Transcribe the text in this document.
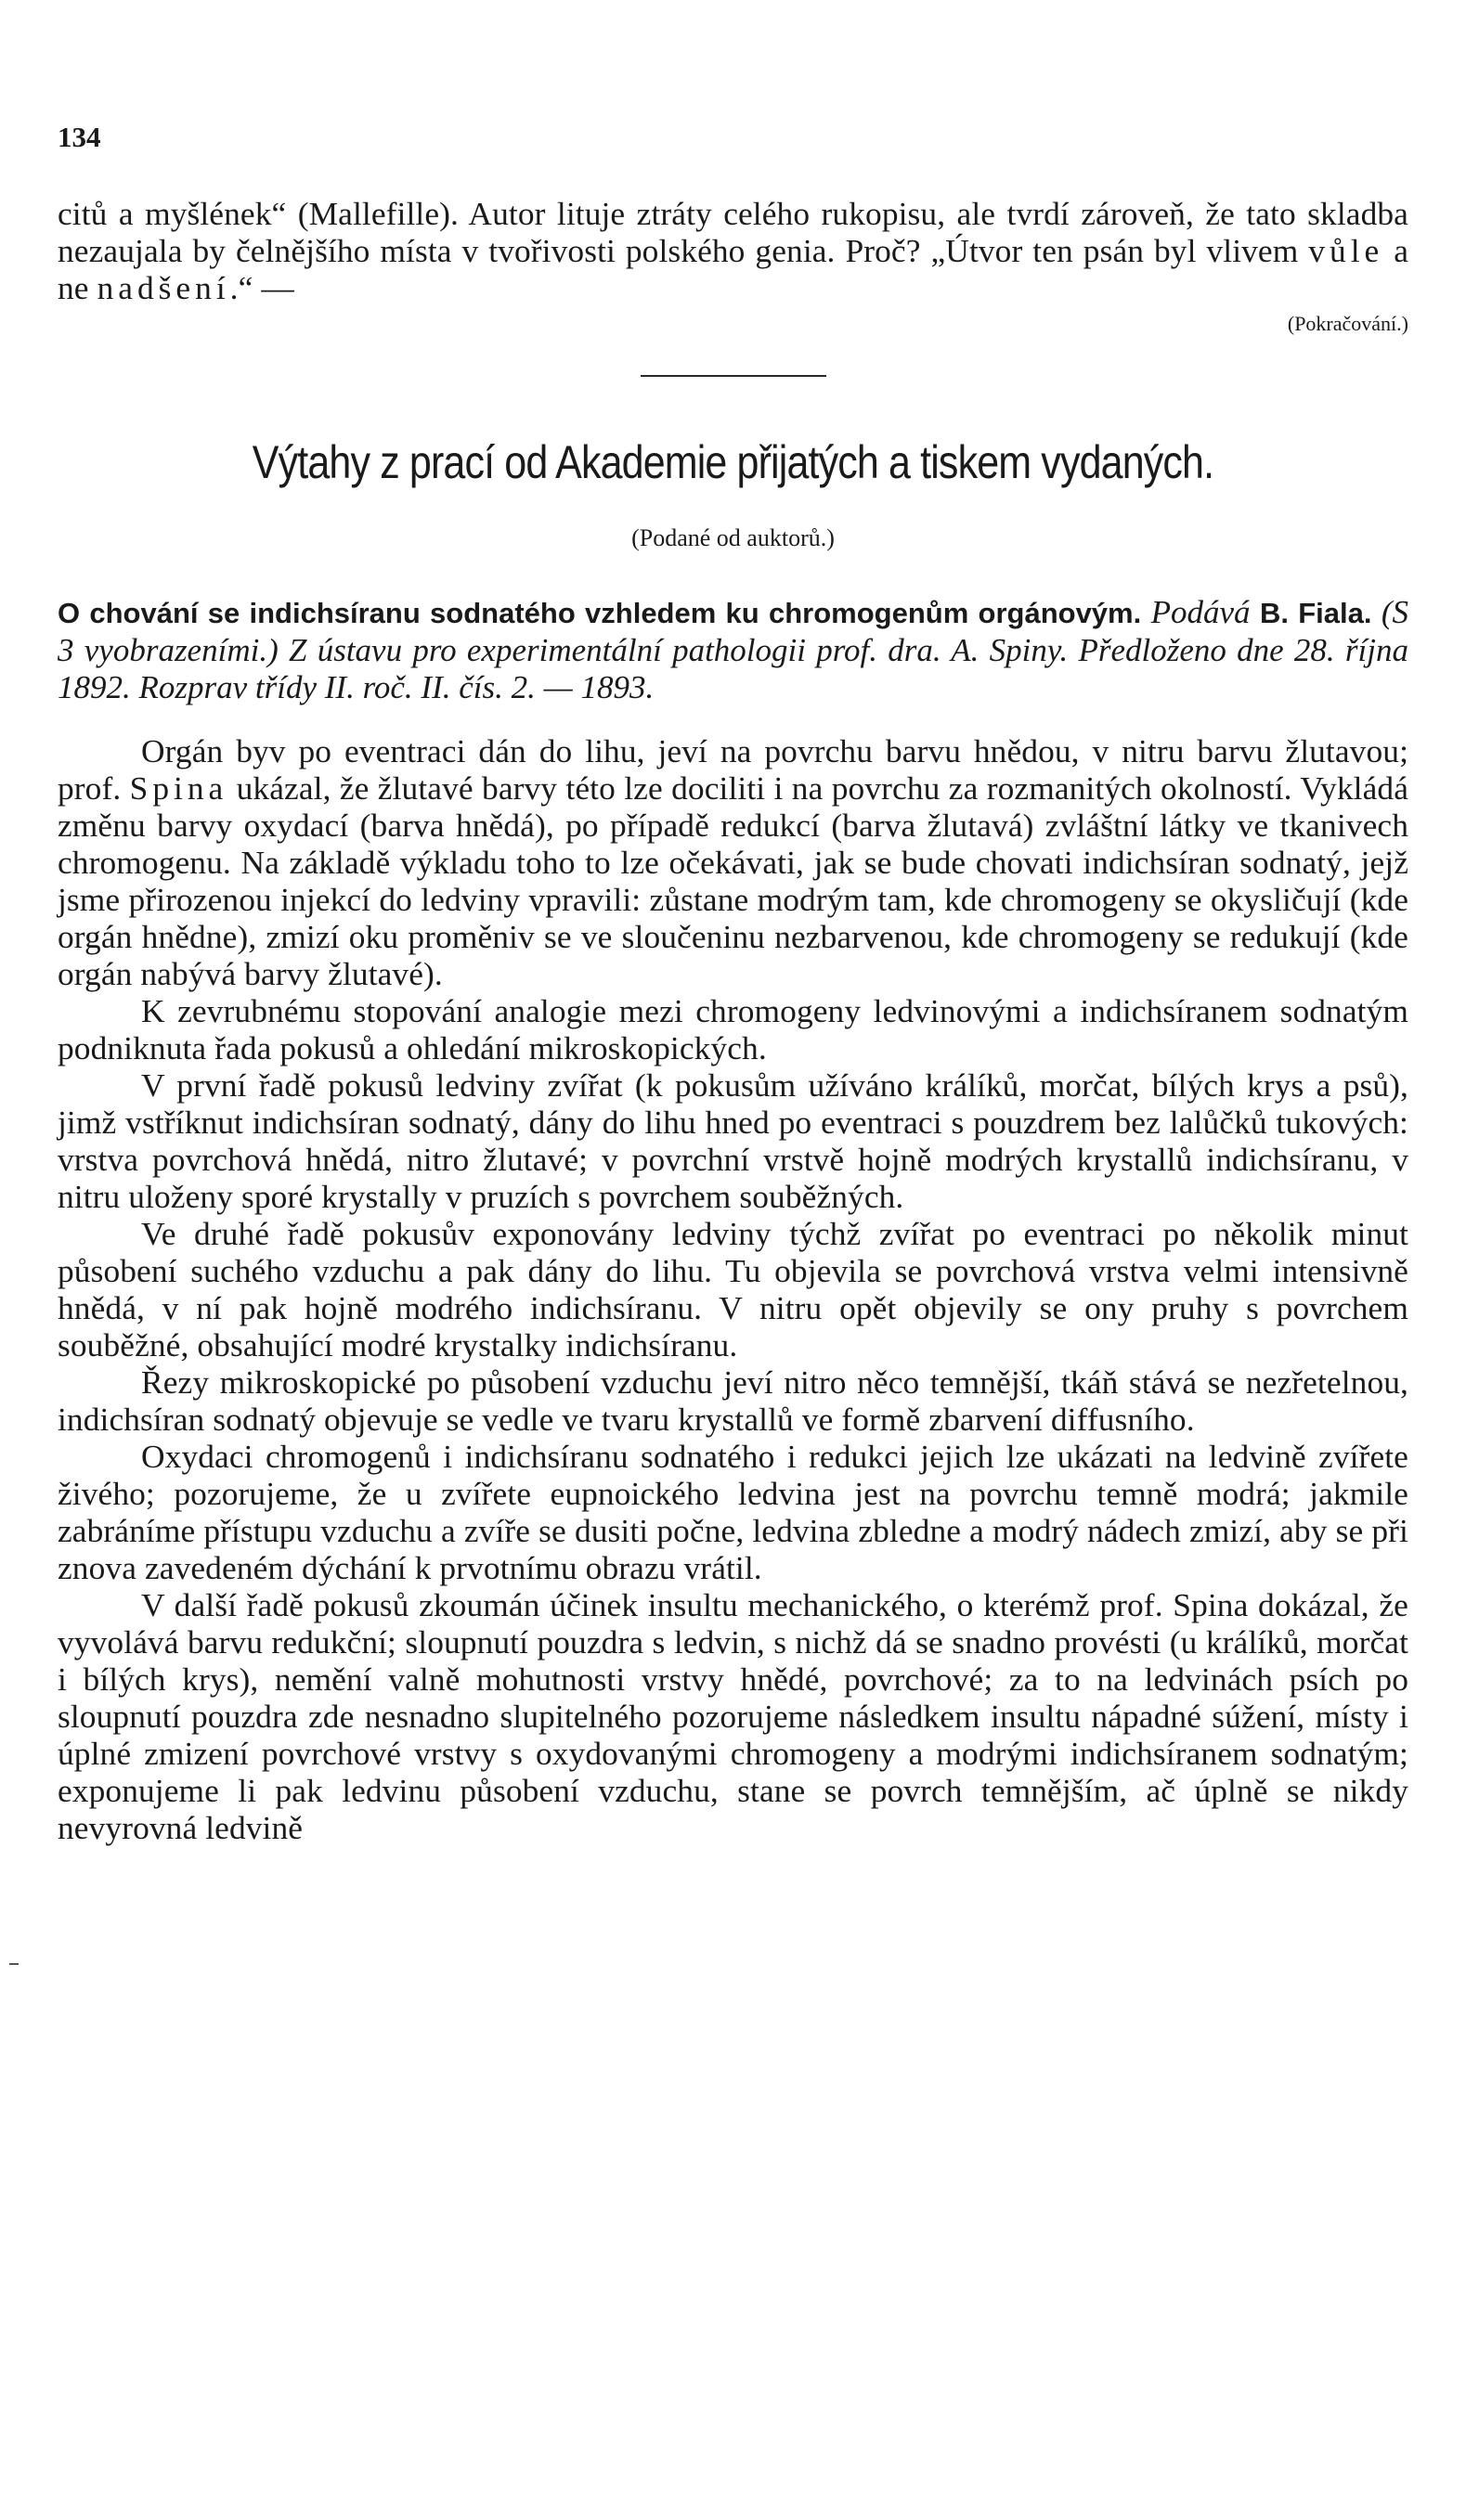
134

citů a myšlének“ (Mallefille). Autor lituje ztráty celého rukopisu, ale tvrdí zároveň, že tato skladba nezaujala by čelnějšího místa v tvořivosti polského genia. Proč? „Útvor ten psán byl vlivem vůle a ne nadšení.“ —

(Pokračování.)
Výtahy z prací od Akademie přijatých a tiskem vydaných.
(Podané od auktorů.)

O chování se indichsíranu sodnatého vzhledem ku chromogenům orgánovým. Podává B. Fiala. (S 3 vyobrazeními.) Z ústavu pro experimentální pathologii prof. dra. A. Spiny. Předloženo dne 28. října 1892. Rozprav třídy II. roč. II. čís. 2. — 1893.

Orgán byv po eventraci dán do lihu, jeví na povrchu barvu hnědou, v nitru barvu žlutavou; prof. Spina ukázal, že žlutavé barvy této lze dociliti i na povrchu za rozmanitých okolností. Vykládá změnu barvy oxydací (barva hnědá), po případě redukcí (barva žlutavá) zvláštní látky ve tkanivech chromogenu. Na základě výkladu toho to lze očekávati, jak se bude chovati indichsíran sodnatý, jejž jsme přirozenou injekcí do ledviny vpravili: zůstane modrým tam, kde chromogeny se okysličují (kde orgán hnědne), zmizí oku proměniv se ve sloučeninu nezbarvenou, kde chromogeny se redukují (kde orgán nabývá barvy žlutavé).

K zevrubnému stopování analogie mezi chromogeny ledvinovými a indichsíranem sodnatým podniknuta řada pokusů a ohledání mikroskopických.

V první řadě pokusů ledviny zvířat (k pokusům užíváno králíků, morčat, bílých krys a psů), jimž vstříknut indichsíran sodnatý, dány do lihu hned po eventraci s pouzdrem bez lalůčků tukových: vrstva povrchová hnědá, nitro žlutavé; v povrchní vrstvě hojně modrých krystallů indichsíranu, v nitru uloženy sporé krystally v pruzích s povrchem souběžných.

Ve druhé řadě pokusův exponovány ledviny týchž zvířat po eventraci po několik minut působení suchého vzduchu a pak dány do lihu. Tu objevila se povrchová vrstva velmi intensivně hnědá, v ní pak hojně modrého indichsíranu. V nitru opět objevily se ony pruhy s povrchem souběžné, obsahující modré krystalky indichsíranu.

Řezy mikroskopické po působení vzduchu jeví nitro něco temnější, tkáň stává se nezřetelnou, indichsíran sodnatý objevuje se vedle ve tvaru krystallů ve formě zbarvení diffusního.

Oxydaci chromogenů i indichsíranu sodnatého i redukci jejich lze ukázati na ledvině zvířete živého; pozorujeme, že u zvířete eupnoického ledvina jest na povrchu temně modrá; jakmile zabráníme přístupu vzduchu a zvíře se dusiti počne, ledvina zbledne a modrý nádech zmizí, aby se při znova zavedeném dýchání k prvotnímu obrazu vrátil.

V další řadě pokusů zkoumán účinek insultu mechanického, o kterémž prof. Spina dokázal, že vyvolává barvu redukční; sloupnutí pouzdra s ledvin, s nichž dá se snadno provésti (u králíků, morčat i bílých krys), nemění valně mohutnosti vrstvy hnědé, povrchové; za to na ledvinách psích po sloupnutí pouzdra zde nesnadno slupitelného pozorujeme následkem insultu nápadné súžení, místy i úplné zmizení povrchové vrstvy s oxydovanými chromogeny a modrými indichsíranem sodnatým; exponujeme li pak ledvinu působení vzduchu, stane se povrch temnějším, ač úplně se nikdy nevyrovná ledvině
